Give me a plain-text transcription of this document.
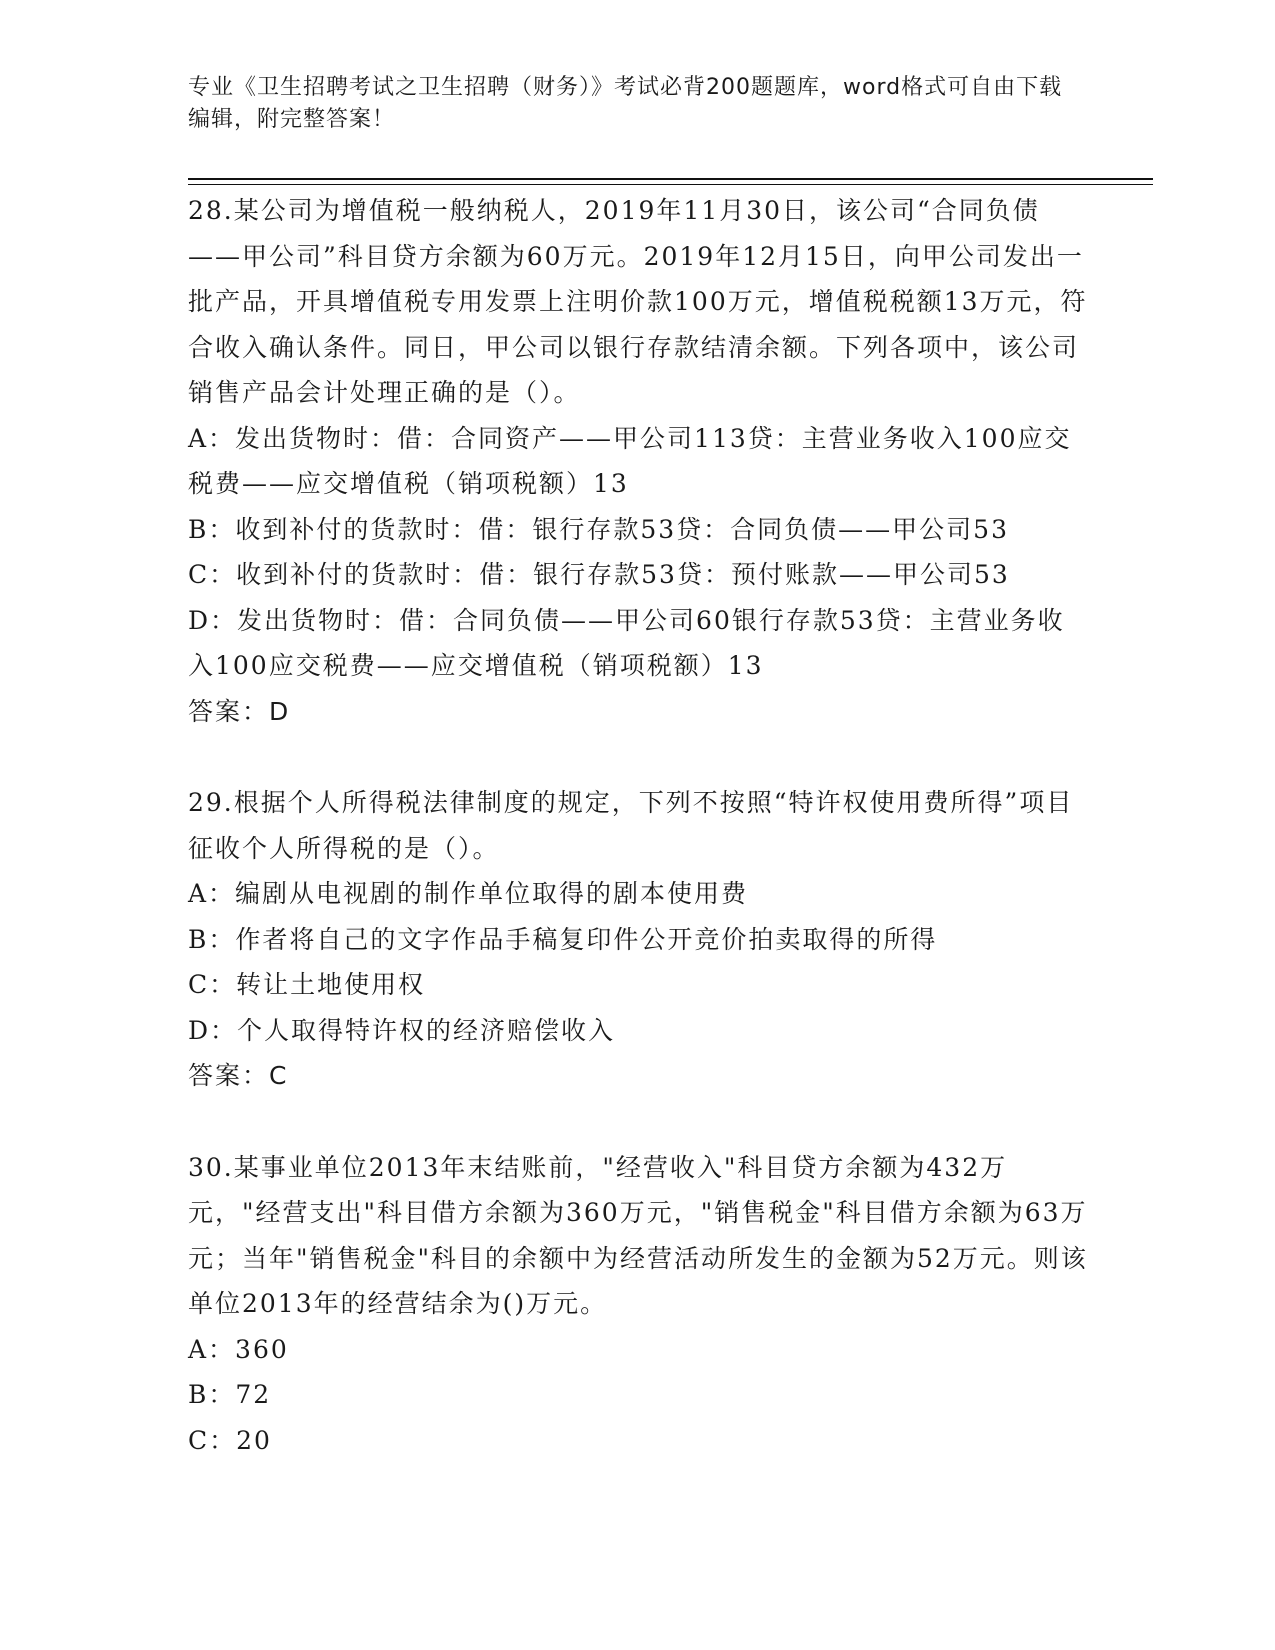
专业《卫生招聘考试之卫生招聘（财务）》考试必背200题题库，word格式可自由下载编辑，附完整答案！

28.某公司为增值税一般纳税人，2019年11月30日，该公司“合同负债——甲公司”科目贷方余额为60万元。2019年12月15日，向甲公司发出一批产品，开具增值税专用发票上注明价款100万元，增值税税额13万元，符合收入确认条件。同日，甲公司以银行存款结清余额。下列各项中，该公司销售产品会计处理正确的是（）。

A：发出货物时：借：合同资产——甲公司113贷：主营业务收入100应交税费——应交增值税（销项税额）13

B：收到补付的货款时：借：银行存款53贷：合同负债——甲公司53

C：收到补付的货款时：借：银行存款53贷：预付账款——甲公司53

D：发出货物时：借：合同负债——甲公司60银行存款53贷：主营业务收入100应交税费——应交增值税（销项税额）13

答案：D

29.根据个人所得税法律制度的规定，下列不按照“特许权使用费所得”项目征收个人所得税的是（）。

A：编剧从电视剧的制作单位取得的剧本使用费

B：作者将自己的文字作品手稿复印件公开竞价拍卖取得的所得

C：转让土地使用权

D：个人取得特许权的经济赔偿收入

答案：C

30.某事业单位2013年末结账前，"经营收入"科目贷方余额为432万元，"经营支出"科目借方余额为360万元，"销售税金"科目借方余额为63万元；当年"销售税金"科目的余额中为经营活动所发生的金额为52万元。则该单位2013年的经营结余为()万元。

A：360

B：72

C：20
